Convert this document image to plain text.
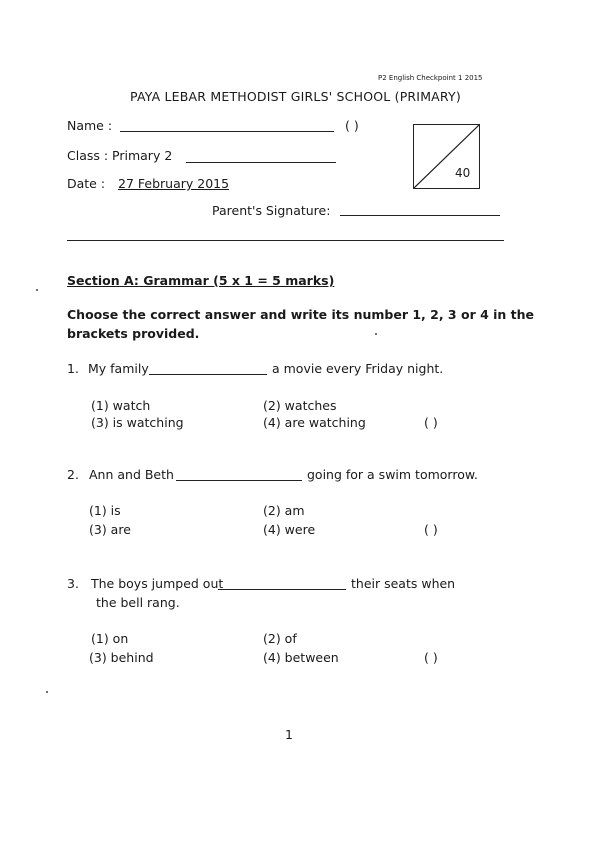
P2 English Checkpoint 1 2015
PAYA LEBAR METHODIST GIRLS' SCHOOL (PRIMARY)
Name :	( )
Class : Primary 2
Date : 27 February 2015
40
Parent's Signature:
Section A: Grammar (5 x 1 = 5 marks)
Choose the correct answer and write its number 1, 2, 3 or 4 in the
brackets provided.
1. My family	a movie every Friday night.
(1) watch	(2) watches
(3) is watching	(4) are watching	( )
2. Ann and Beth	going for a swim tomorrow.
(1) is	(2) am
(3) are	(4) were	( )
3. The boys jumped out	their seats when
the bell rang.
(1) on	(2) of
(3) behind	(4) between	( )
1
